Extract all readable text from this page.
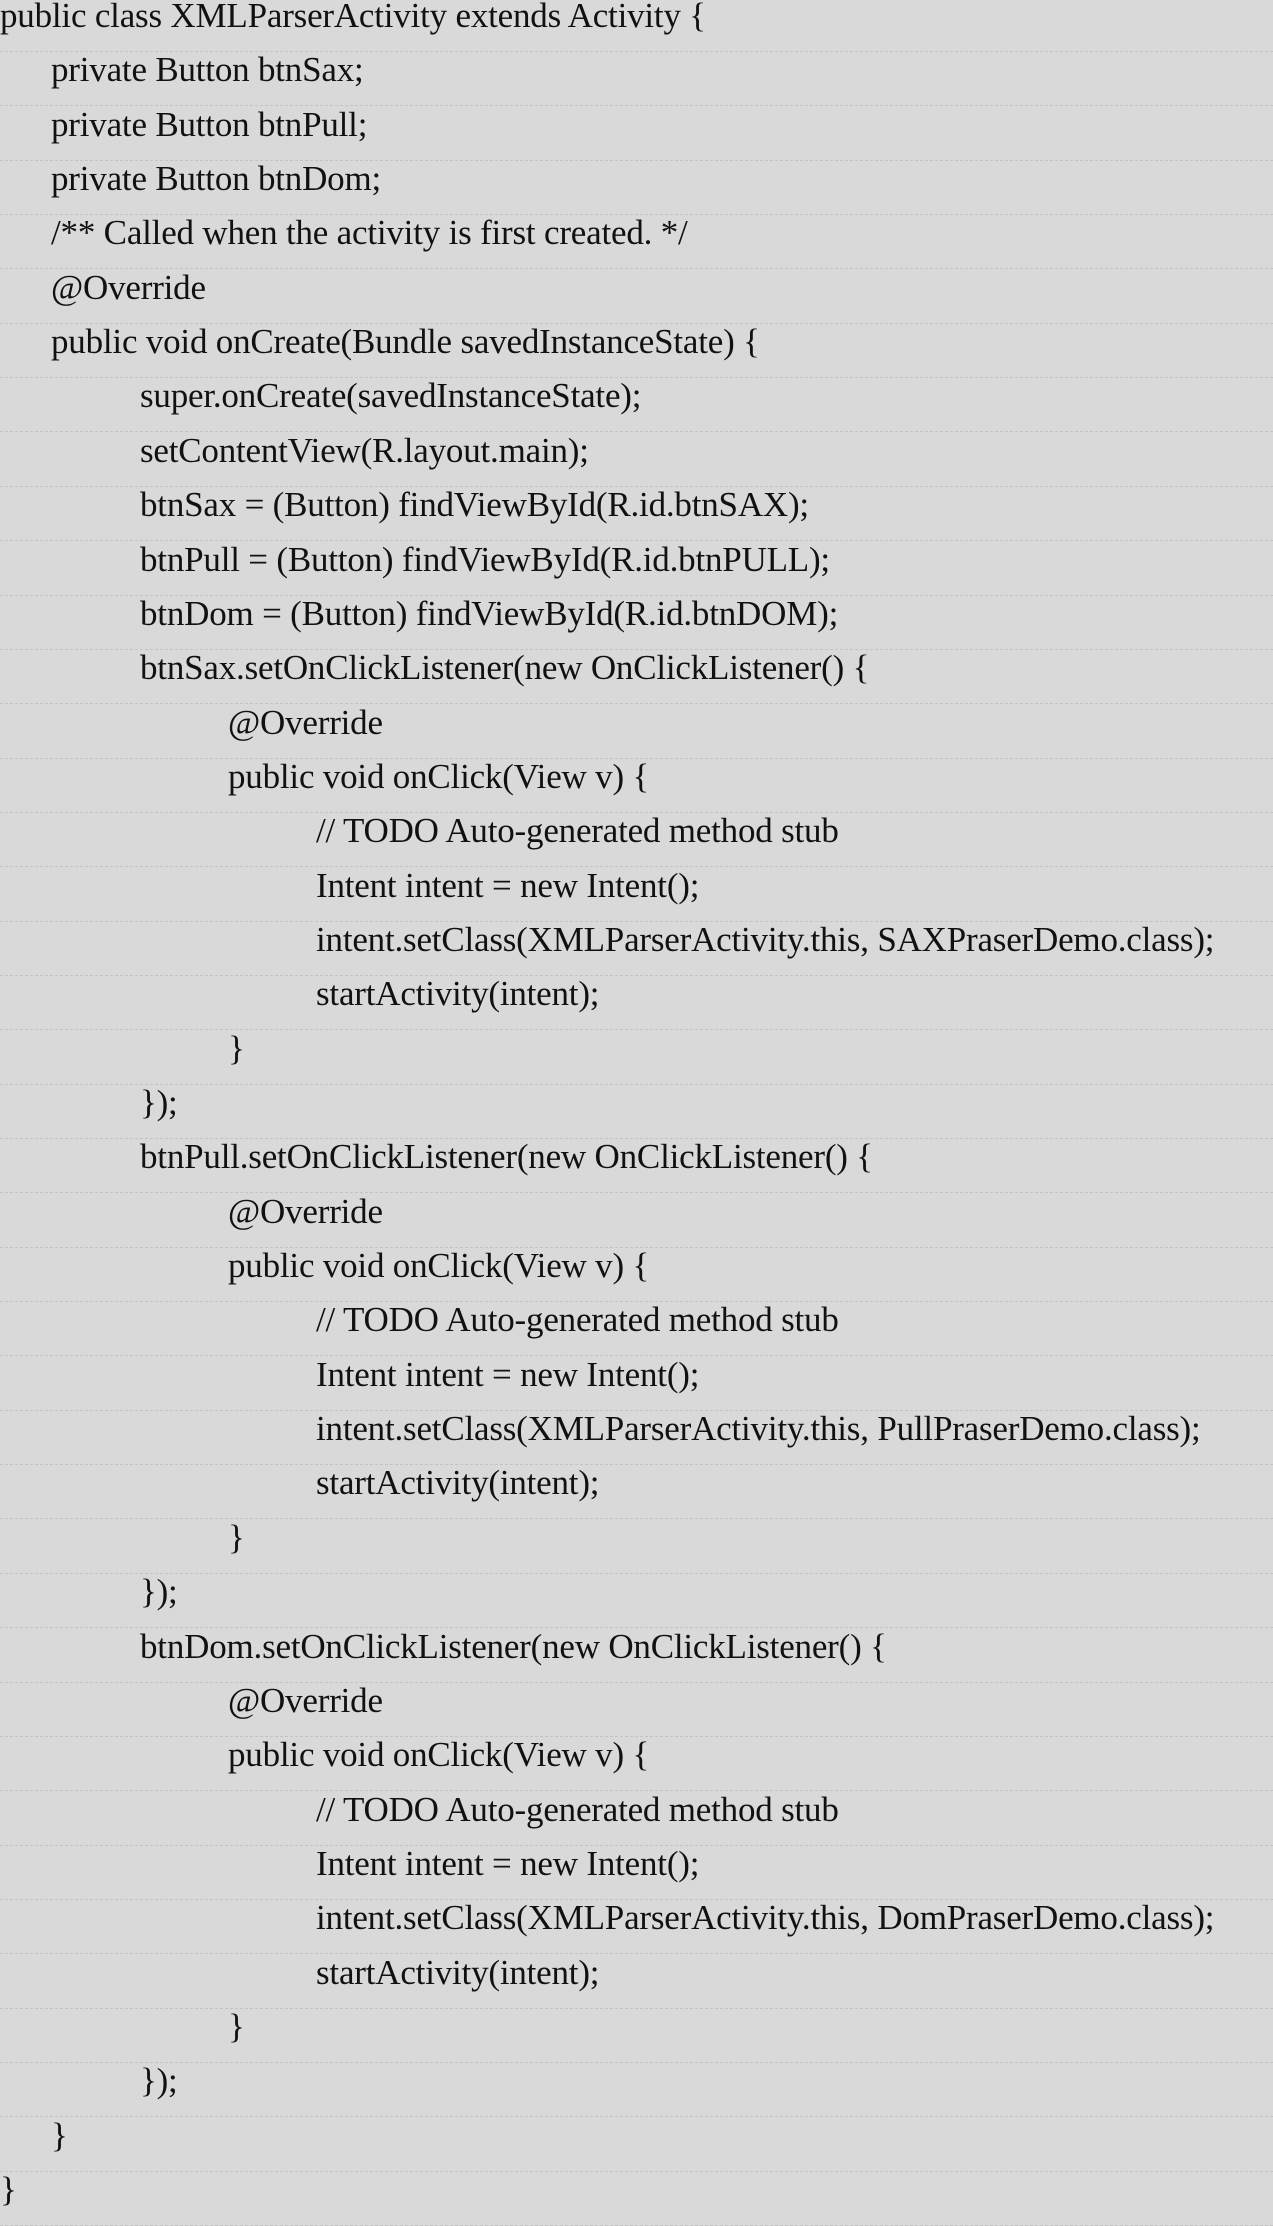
public class XMLParserActivity extends Activity {
private Button btnSax;
private Button btnPull;
private Button btnDom;
/** Called when the activity is first created. */
@Override
public void onCreate(Bundle savedInstanceState) {
super.onCreate(savedInstanceState);
setContentView(R.layout.main);
btnSax = (Button) findViewById(R.id.btnSAX);
btnPull = (Button) findViewById(R.id.btnPULL);
btnDom = (Button) findViewById(R.id.btnDOM);
btnSax.setOnClickListener(new OnClickListener() {
@Override
public void onClick(View v) {
// TODO Auto-generated method stub
Intent intent = new Intent();
intent.setClass(XMLParserActivity.this, SAXPraserDemo.class);
startActivity(intent);
}
});
btnPull.setOnClickListener(new OnClickListener() {
@Override
public void onClick(View v) {
// TODO Auto-generated method stub
Intent intent = new Intent();
intent.setClass(XMLParserActivity.this, PullPraserDemo.class);
startActivity(intent);
}
});
btnDom.setOnClickListener(new OnClickListener() {
@Override
public void onClick(View v) {
// TODO Auto-generated method stub
Intent intent = new Intent();
intent.setClass(XMLParserActivity.this, DomPraserDemo.class);
startActivity(intent);
}
});
}
}
